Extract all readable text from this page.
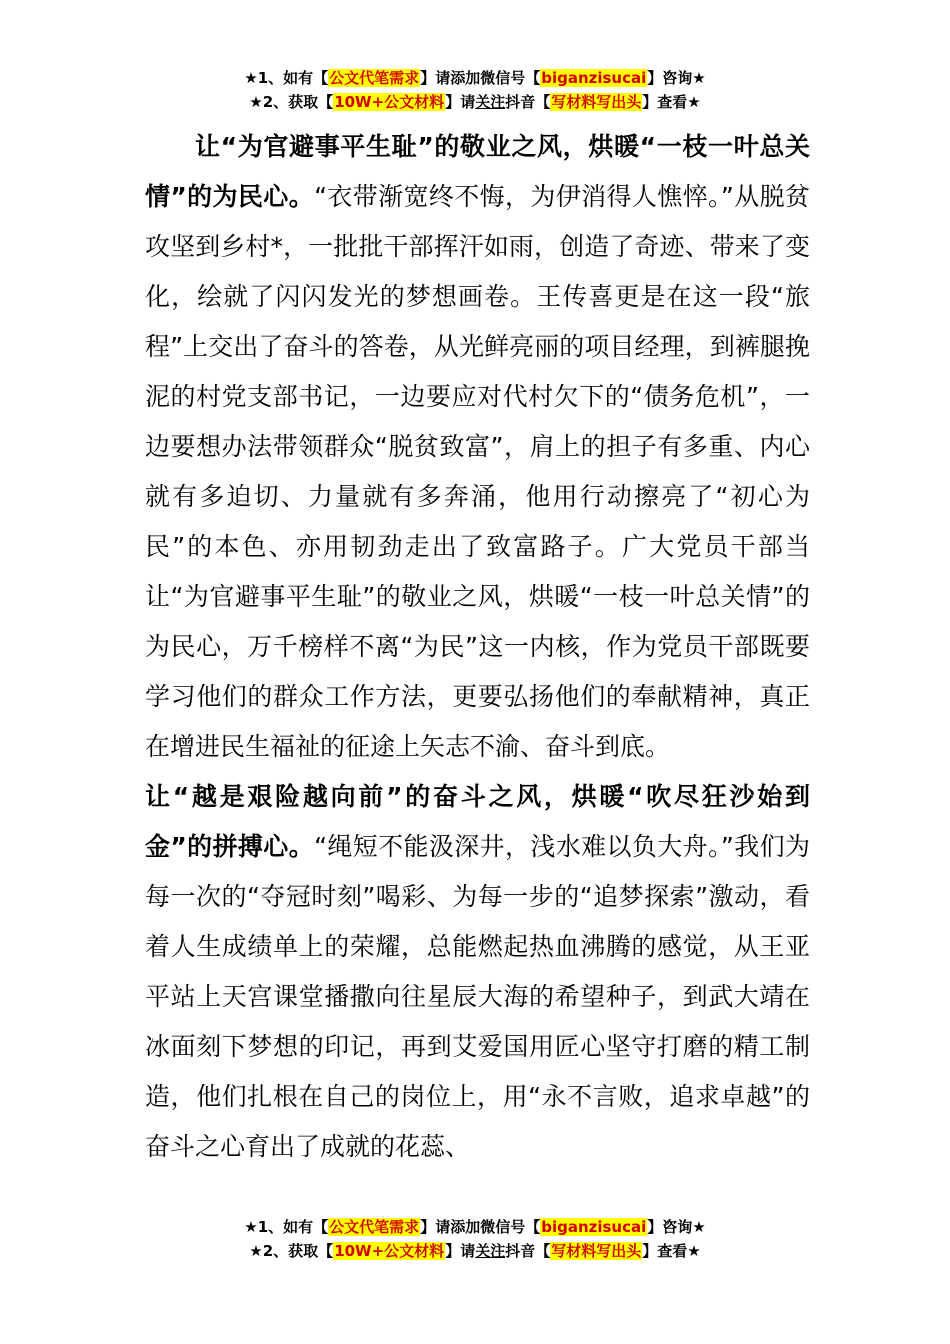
★1、如有【公文代笔需求】请添加微信号【biganzisucai】咨询★
★2、获取【10W+公文材料】请关注抖音【写材料写出头】查看★

让“为官避事平生耻”的敬业之风，烘暖“一枝一叶总关情”的为民心。“衣带渐宽终不悔，为伊消得人憔悴。”从脱贫攻坚到乡村*，一批批干部挥汗如雨，创造了奇迹、带来了变化，绘就了闪闪发光的梦想画卷。王传喜更是在这一段“旅程”上交出了奋斗的答卷，从光鲜亮丽的项目经理，到裤腿挽泥的村党支部书记，一边要应对代村欠下的“债务危机”，一边要想办法带领群众“脱贫致富”，肩上的担子有多重、内心就有多迫切、力量就有多奔涌，他用行动擦亮了“初心为民”的本色、亦用韧劲走出了致富路子。广大党员干部当让“为官避事平生耻”的敬业之风，烘暖“一枝一叶总关情”的为民心，万千榜样不离“为民”这一内核，作为党员干部既要学习他们的群众工作方法，更要弘扬他们的奉献精神，真正在增进民生福祉的征途上矢志不渝、奋斗到底。

让“越是艰险越向前”的奋斗之风，烘暖“吹尽狂沙始到金”的拼搏心。“绳短不能汲深井，浅水难以负大舟。”我们为每一次的“夺冠时刻”喝彩、为每一步的“追梦探索”激动，看着人生成绩单上的荣耀，总能燃起热血沸腾的感觉，从王亚平站上天宫课堂播撒向往星辰大海的希望种子，到武大靖在冰面刻下梦想的印记，再到艾爱国用匠心坚守打磨的精工制造，他们扎根在自己的岗位上，用“永不言败，追求卓越”的奋斗之心育出了成就的花蕊、

★1、如有【公文代笔需求】请添加微信号【biganzisucai】咨询★
★2、获取【10W+公文材料】请关注抖音【写材料写出头】查看★
